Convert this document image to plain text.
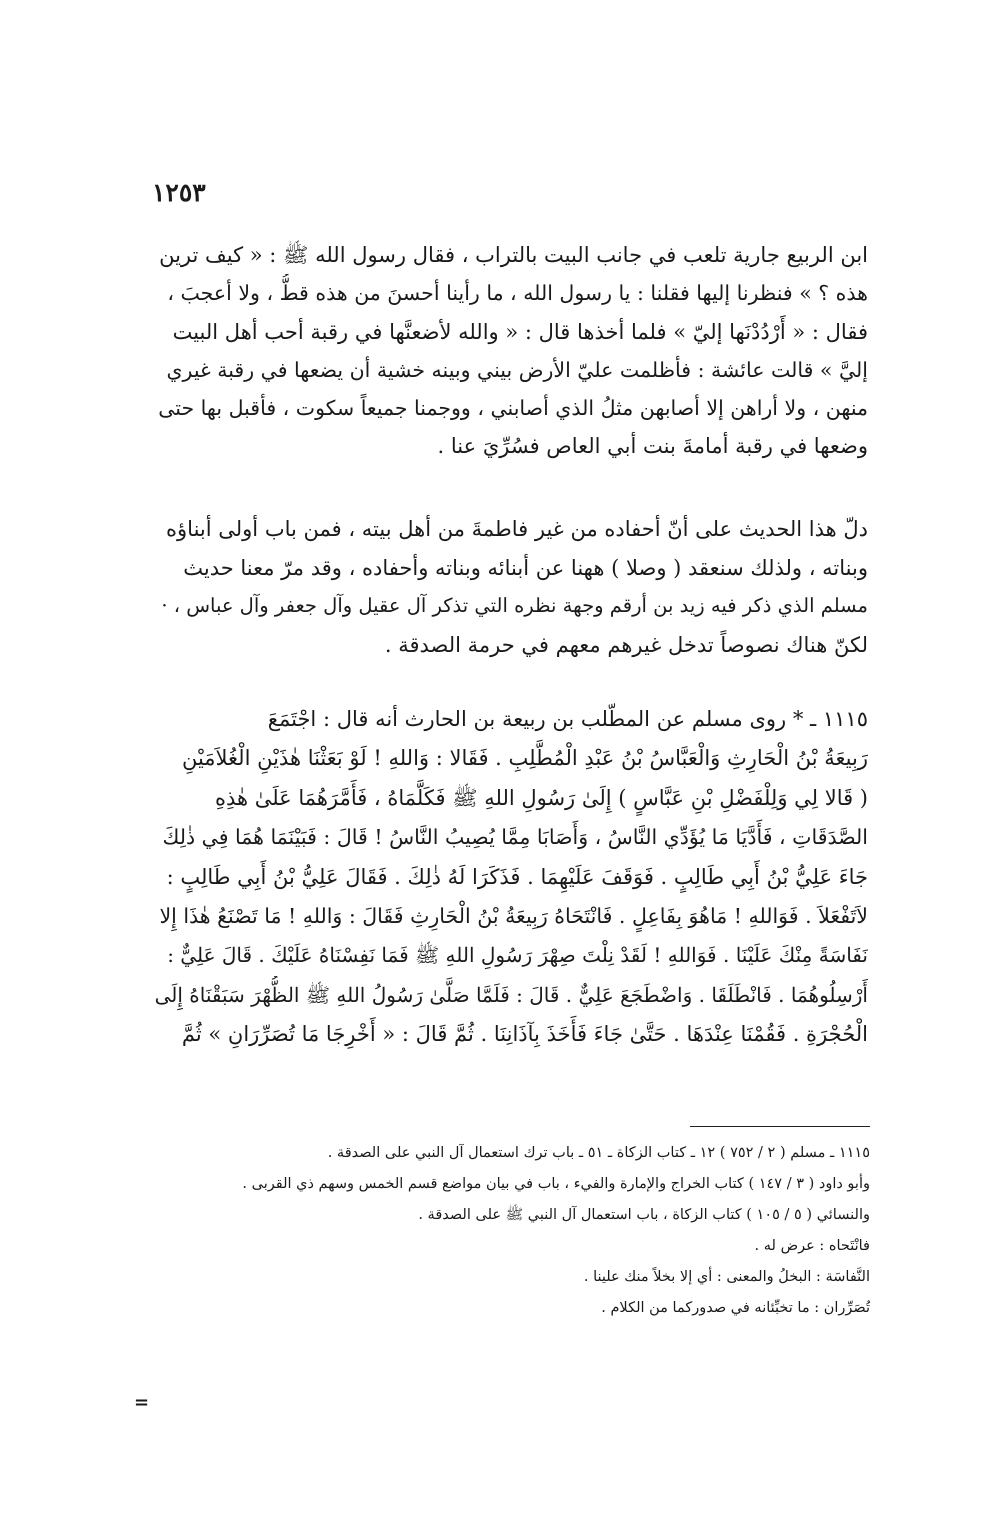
١٢٥٣
ابن الربيع جارية تلعب في جانب البيت بالتراب ، فقال رسول الله ﷺ : « كيف ترين
هذه ؟ » فنظرنا إليها فقلنا : يا رسول الله ، ما رأينا أحسنَ من هذه قطُّ ، ولا أعجبَ ،
فقال : « أَرْدُدْنَها إليّ » فلما أخذها قال : « والله لأضعنَّها في رقبة أحب أهل البيت
إليَّ » قالت عائشة : فأظلمت عليّ الأرض بيني وبينه خشية أن يضعها في رقبة غيري
منهن ، ولا أراهن إلا أصابهن مثلُ الذي أصابني ، ووجمنا جميعاً سكوت ، فأقبل بها حتى
وضعها في رقبة أمامةَ بنت أبي العاص فسُرِّيَ عنا .
دلّ هذا الحديث على أنّ أحفاده من غير فاطمةَ من أهل بيته ، فمن باب أولى أبناؤه
وبناته ، ولذلك سنعقد ( وصلا ) ههنا عن أبنائه وبناته وأحفاده ، وقد مرّ معنا حديث
مسلم الذي ذكر فيه زيد بن أرقم وجهة نظره التي تذكر آل عقيل وآل جعفر وآل عباس ، ·
لكنّ هناك نصوصاً تدخل غيرهم معهم في حرمة الصدقة .
١١١٥ ـ * روى مسلم عن المطّلب بن ربيعة بن الحارث أنه قال : اجْتَمَعَ
رَبِيعَةُ بْنُ الْحَارِثِ وَالْعَبَّاسُ بْنُ عَبْدِ الْمُطَّلِبِ . فَقَالا : وَاللهِ ! لَوْ بَعَثْنَا هٰذَيْنِ الْغُلاَمَيْنِ
( قَالا لِي وَلِلْفَضْلِ بْنِ عَبَّاسٍ ) إِلَىٰ رَسُولِ اللهِ ﷺ فَكَلَّمَاهُ ، فَأَمَّرَهُمَا عَلَىٰ هٰذِهِ
الصَّدَقَاتِ ، فَأَدَّيَا مَا يُؤَدِّي النَّاسُ ، وَأَصَابَا مِمَّا يُصِيبُ النَّاسُ ! قَالَ : فَبَيْنَمَا هُمَا فِي ذٰلِكَ
جَاءَ عَلِيُّ بْنُ أَبِي طَالِبٍ . فَوَقَفَ عَلَيْهِمَا . فَذَكَرَا لَهُ ذٰلِكَ . فَقَالَ عَلِيُّ بْنُ أَبِي طَالِبٍ :
لاَتَفْعَلاَ . فَوَاللهِ ! مَاهُوَ بِفَاعِلٍ . فَانْتَحَاهُ رَبِيعَةُ بْنُ الْحَارِثِ فَقَالَ : وَاللهِ ! مَا تَصْنَعُ هٰذَا إِلا
نَفَاسَةً مِنْكَ عَلَيْنَا . فَوَاللهِ ! لَقَدْ نِلْتَ صِهْرَ رَسُولِ اللهِ ﷺ فَمَا نَفِسْنَاهُ عَلَيْكَ . قَالَ عَلِيٌّ :
أَرْسِلُوهُمَا . فَانْطَلَقَا . وَاضْطَجَعَ عَلِيٌّ . قَالَ : فَلَمَّا صَلَّىٰ رَسُولُ اللهِ ﷺ الظُّهْرَ سَبَقْنَاهُ إِلَى
الْحُجْرَةِ . فَقُمْنَا عِنْدَهَا . حَتَّىٰ جَاءَ فَأَخَذَ بِآذَانِنَا . ثُمَّ قَالَ : « أَخْرِجَا مَا تُصَرِّرَانِ » ثُمَّ
١١١٥ ـ مسلم ( ٢ / ٧٥٢ ) ١٢ ـ كتاب الزكاة ـ ٥١ ـ باب ترك استعمال آل النبي على الصدقة .
وأبو داود ( ٣ / ١٤٧ ) كتاب الخراج والإمارة والفيء ، باب في بيان مواضع قسم الخمس وسهم ذي القربى .
والنسائي ( ٥ / ١٠٥ ) كتاب الزكاة ، باب استعمال آل النبي ﷺ على الصدقة .
فانْتَحاه : عرض له .
النَّفاسَة : البخلُ والمعنى : أي إلا بخلاً منك علينا .
تُصَرِّران : ما تخبِّئانه في صدوركما من الكلام .
=
